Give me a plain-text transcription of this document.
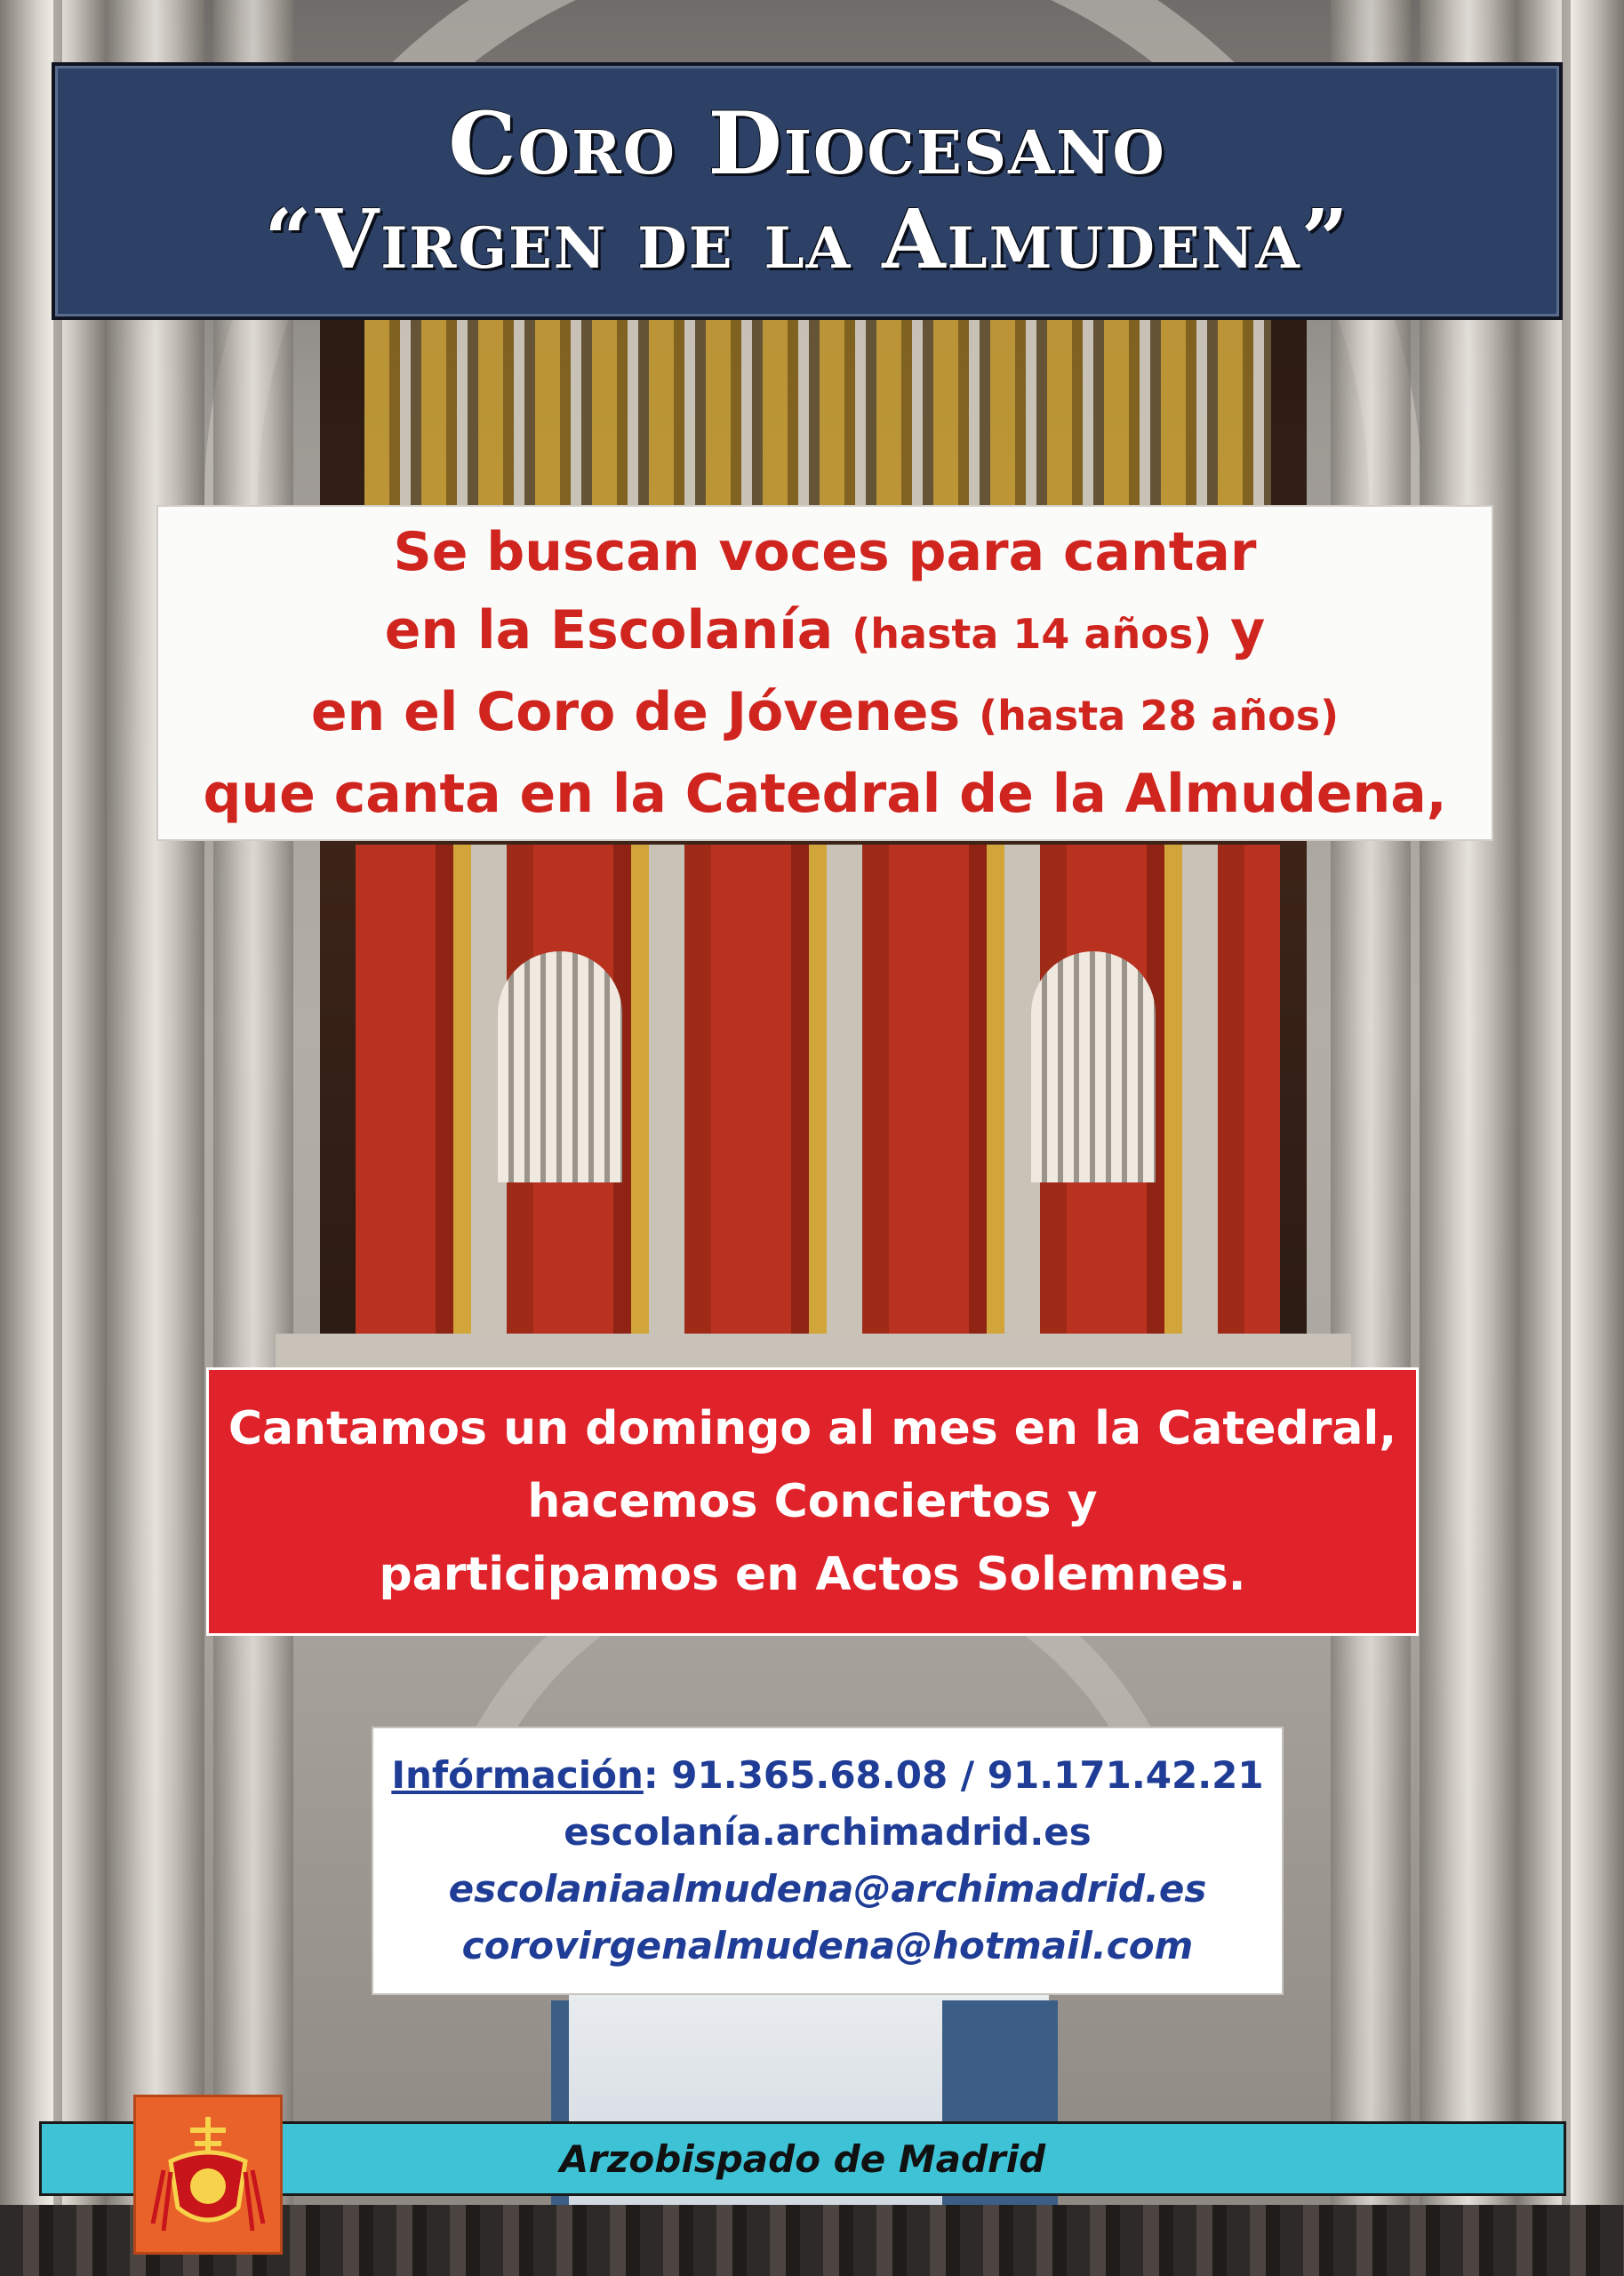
Coro Diocesano
“Virgen de la Almudena”
Se buscan voces para cantar
en la Escolanía (hasta 14 años) y
en el Coro de Jóvenes (hasta 28 años)
que canta en la Catedral de la Almudena,
Cantamos un domingo al mes en la Catedral,
hacemos Conciertos y
participamos en Actos Solemnes.
Infórmación: 91.365.68.08 / 91.171.42.21
escolanía.archimadrid.es
escolaniaalmudena@archimadrid.es
corovirgenalmudena@hotmail.com
Arzobispado de Madrid
